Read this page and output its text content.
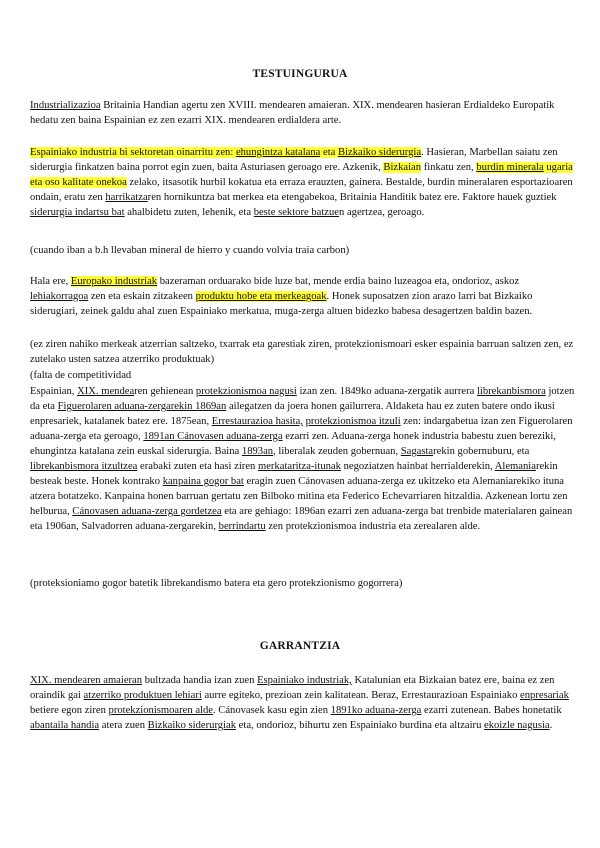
TESTUINGURUA

Industrializazioa Britainia Handian agertu zen XVIII. mendearen amaieran. XIX. mendearen hasieran Erdialdeko Europatik hedatu zen baina Espainian ez zen ezarri XIX. mendearen erdialdera arte.

Espainiako industria bi sektoretan oinarritu zen: ehungintza katalana eta Bizkaiko siderurgia. Hasieran, Marbellan saiatu zen siderurgia finkatzen baina porrot egin zuen, baita Asturiasen geroago ere. Azkenik, Bizkaian finkatu zen, burdin minerala ugaria eta oso kalitate onekoa zelako, itsasotik hurbil kokatua eta erraza erauzten, gainera. Bestalde, burdin mineralaren esportazioaren ondain, eratu zen harrikatzaren hornikuntza bat merkea eta etengabekoa, Britainia Handitik batez ere. Faktore hauek guztiek siderurgia indartsu bat ahalbidetu zuten, lehenik, eta beste sektore batzuen agertzea, geroago.

(cuando iban a b.h llevaban mineral de hierro y cuando volvia traia carbon)

Hala ere, Europako industriak bazeraman orduarako bide luze bat, mende erdia baino luzeagoa eta, ondorioz, askoz lehiakorragoa zen eta eskain zitzakeen produktu hobe eta merkeagoak. Honek suposatzen zion arazo larri bat Bizkaiko siderugiari, zeinek galdu ahal zuen Espainiako merkatua, muga-zerga altuen bidezko babesa desagertzen baldin bazen.

(ez ziren nahiko merkeak atzerrian saltzeko, txarrak eta garestiak ziren, protekzionismoari esker espainia barruan saltzen zen, ez zutelako usten satzea atzerriko produktuak)

(falta de competitividad

Espainian, XIX. mendearen gehienean protekzionismoa nagusi izan zen. 1849ko aduana-zergatik aurrera librekanbismora jotzen da eta Figuerolaren aduana-zergarekin 1869an ailegatzen da joera honen gailurrera. Aldaketa hau ez zuten batere ondo ikusi enpresariek, katalanek batez ere. 1875ean, Errestaurazioa hasita, protekzionismoa itzuli zen: indargabetua izan zen Figuerolaren aduana-zerga eta geroago, 1891an Cánovasen aduana-zerga ezarri zen. Aduana-zerga honek industria babestu zuen bereziki, ehungintza katalana zein euskal siderurgia. Baina 1893an, liberalak zeuden gobernuan, Sagastarekin gobernuburu, eta librekanbismora itzultzea erabaki zuten eta hasi ziren merkataritza-itunak negoziatzen hainbat herrialderekin, Alemaniarekin besteak beste. Honek kontrako kanpaina gogor bat eragin zuen Cánovasen aduana-zerga ez ukitzeko eta Alemaniarekiko ituna atzera botatzeko. Kanpaina honen barruan gertatu zen Bilboko mitina eta Federico Echevarriaren hitzaldia. Azkenean lortu zen helburua, Cánovasen aduana-zerga gordetzea eta are gehiago: 1896an ezarri zen aduana-zerga bat trenbide materialaren gainean eta 1906an, Salvadorren aduana-zergarekin, berrindartu zen protekzionismoa industria eta zerealaren alde.

(proteksioniamo gogor batetik librekandismo batera eta gero protekzionismo gogorrera)

GARRANTZIA

XIX. mendearen amaieran bultzada handia izan zuen Espainiako industriak, Katalunian eta Bizkaian batez ere, baina ez zen oraindik gai atzerriko produktuen lehiari aurre egiteko, prezioan zein kalitatean. Beraz, Errestaurazioan Espainiako enpresariak betiere egon ziren protekzionismoaren alde. Cánovasek kasu egin zien 1891ko aduana-zerga ezarri zutenean. Babes honetatik abantaila handia atera zuen Bizkaiko siderurgiak eta, ondorioz, bihurtu zen Espainiako burdina eta altzairu ekoizle nagusia.
